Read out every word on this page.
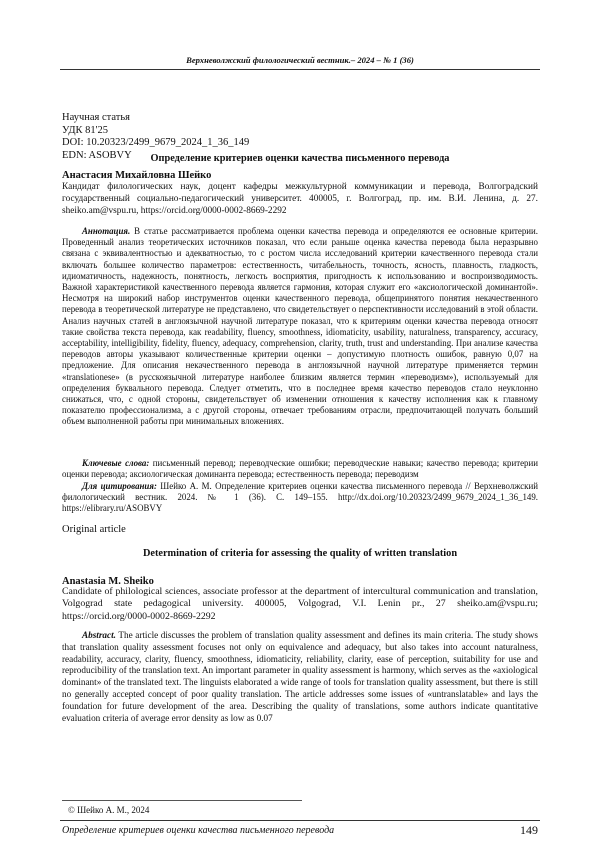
Верхневолжский филологический вестник.– 2024 – № 1 (36)
Научная статья
УДК 81'25
DOI: 10.20323/2499_9679_2024_1_36_149
EDN: ASOBVY	Определение критериев оценки качества письменного перевода
Анастасия Михайловна Шейко
Кандидат филологических наук, доцент кафедры межкультурной коммуникации и перевода, Волгоградский государственный социально-педагогический университет. 400005, г. Волгоград, пр. им. В.И. Ленина, д. 27. sheiko.am@vspu.ru, https://orcid.org/0000-0002-8669-2292

Аннотация. В статье рассматривается проблема оценки качества перевода и определяются ее основные критерии. Проведенный анализ теоретических источников показал, что если раньше оценка качества перевода была неразрывно связана с эквивалентностью и адекватностью, то с ростом числа исследований критерии качественного перевода стали включать большее количество параметров: естественность, читабельность, точность, ясность, плавность, гладкость, идиоматичность, надежность, понятность, легкость восприятия, пригодность к использованию и воспроизводимость. Важной характеристикой качественного перевода является гармония, которая служит его «аксиологической доминантой». Несмотря на широкий набор инструментов оценки качественного перевода, общепринятого понятия некачественного перевода в теоретической литературе не представлено, что свидетельствует о перспективности исследований в этой области. Анализ научных статей в англоязычной научной литературе показал, что к критериям оценки качества перевода относят такие свойства текста перевода, как readability, fluency, smoothness, idiomaticity, usability, naturalness, transparency, accuracy, acceptability, intelligibility, fidelity, fluency, adequacy, comprehension, clarity, truth, trust and understanding. При анализе качества переводов авторы указывают количественные критерии оценки – допустимую плотность ошибок, равную 0,07 на предложение. Для описания некачественного перевода в англоязычной научной литературе применяется термин «translationese» (в русскоязычной литературе наиболее близким является термин «переводизм»), используемый для определения буквального перевода. Следует отметить, что в последнее время качество переводов стало неуклонно снижаться, что, с одной стороны, свидетельствует об изменении отношения к качеству исполнения как к главному показателю профессионализма, а с другой стороны, отвечает требованиям отрасли, предпочитающей получать больший объем выполненной работы при минимальных вложениях.

Ключевые слова: письменный перевод; переводческие ошибки; переводческие навыки; качество перевода; критерии оценки перевода; аксиологическая доминанта перевода; естественность перевода; переводизм

Для цитирования: Шейко А. М. Определение критериев оценки качества письменного перевода // Верхневолжский филологический вестник. 2024. № 1 (36). С. 149–155. http://dx.doi.org/10.20323/2499_9679_2024_1_36_149. https://elibrary.ru/ASOBVY

Original article
Determination of criteria for assessing the quality of written translation
Anastasia M. Sheiko
Candidate of philological sciences, associate professor at the department of intercultural communication and translation, Volgograd state pedagogical university. 400005, Volgograd, V.I. Lenin pr., 27 sheiko.am@vspu.ru; https://orcid.org/0000-0002-8669-2292

Abstract. The article discusses the problem of translation quality assessment and defines its main criteria. The study shows that translation quality assessment focuses not only on equivalence and adequacy, but also takes into account naturalness, readability, accuracy, clarity, fluency, smoothness, idiomaticity, reliability, clarity, ease of perception, suitability for use and reproducibility of the translation text. An important parameter in quality assessment is harmony, which serves as the «axiological dominant» of the translated text. The linguists elaborated a wide range of tools for translation quality assessment, but there is still no generally accepted concept of poor quality translation. The article addresses some issues of «untranslatable» and lays the foundation for future development of the area. Describing the quality of translations, some authors indicate quantitative evaluation criteria of average error density as low as 0.07

© Шейко А. М., 2024
Определение критериев оценки качества письменного перевода	149
